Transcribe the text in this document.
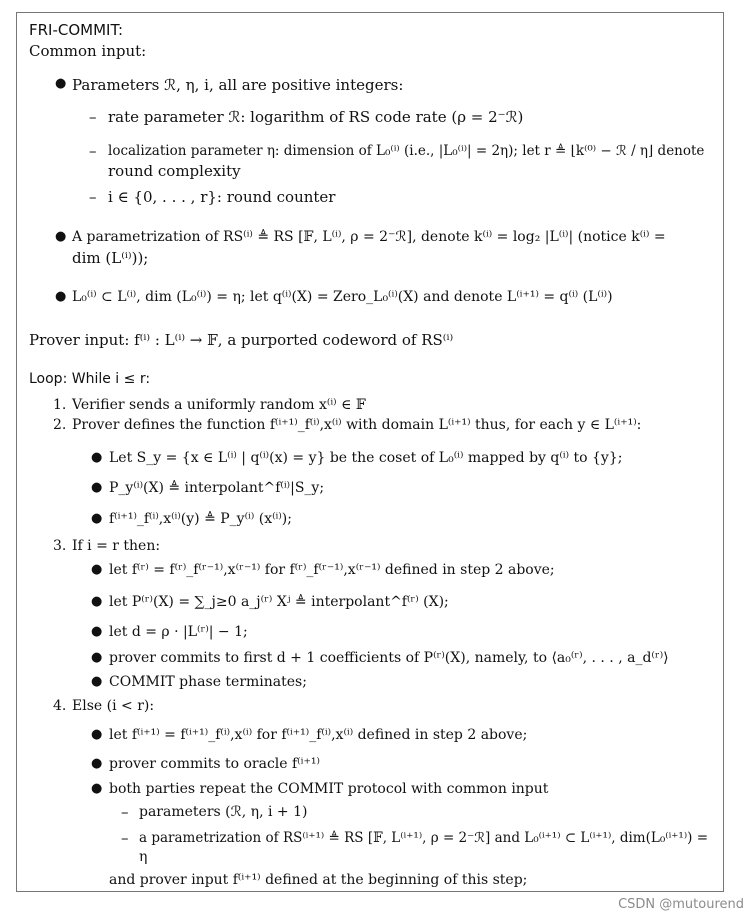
FRI-COMMIT:
Common input:
● Parameters ℛ, η, i, all are positive integers:
– rate parameter ℛ: logarithm of RS code rate (ρ = 2⁻ℛ)
– localization parameter η: dimension of L₀⁽ⁱ⁾ (i.e., |L₀⁽ⁱ⁾| = 2η); let r ≜ ⌊k⁽⁰⁾ − ℛ / η⌋ denote
round complexity
– i ∈ {0, . . . , r}: round counter
● A parametrization of RS⁽ⁱ⁾ ≜ RS [𝔽, L⁽ⁱ⁾, ρ = 2⁻ℛ], denote k⁽ⁱ⁾ = log₂ |L⁽ⁱ⁾| (notice k⁽ⁱ⁾ =
dim (L⁽ⁱ⁾));
● L₀⁽ⁱ⁾ ⊂ L⁽ⁱ⁾, dim (L₀⁽ⁱ⁾) = η; let q⁽ⁱ⁾(X) = Zero_L₀⁽ⁱ⁾(X) and denote L⁽ⁱ⁺¹⁾ = q⁽ⁱ⁾ (L⁽ⁱ⁾)
Prover input: f⁽ⁱ⁾ : L⁽ⁱ⁾ → 𝔽, a purported codeword of RS⁽ⁱ⁾
Loop: While i ≤ r:
1. Verifier sends a uniformly random x⁽ⁱ⁾ ∈ 𝔽
2. Prover defines the function f⁽ⁱ⁺¹⁾_f⁽ⁱ⁾,x⁽ⁱ⁾ with domain L⁽ⁱ⁺¹⁾ thus, for each y ∈ L⁽ⁱ⁺¹⁾:
● Let S_y = {x ∈ L⁽ⁱ⁾ | q⁽ⁱ⁾(x) = y} be the coset of L₀⁽ⁱ⁾ mapped by q⁽ⁱ⁾ to {y};
● P_y⁽ⁱ⁾(X) ≜ interpolant^f⁽ⁱ⁾|S_y;
● f⁽ⁱ⁺¹⁾_f⁽ⁱ⁾,x⁽ⁱ⁾(y) ≜ P_y⁽ⁱ⁾ (x⁽ⁱ⁾);
3. If i = r then:
● let f⁽ʳ⁾ = f⁽ʳ⁾_f⁽ʳ⁻¹⁾,x⁽ʳ⁻¹⁾ for f⁽ʳ⁾_f⁽ʳ⁻¹⁾,x⁽ʳ⁻¹⁾ defined in step 2 above;
● let P⁽ʳ⁾(X) = ∑_j≥0 a_j⁽ʳ⁾ Xʲ ≜ interpolant^f⁽ʳ⁾ (X);
● let d = ρ · |L⁽ʳ⁾| − 1;
● prover commits to first d + 1 coefficients of P⁽ʳ⁾(X), namely, to ⟨a₀⁽ʳ⁾, . . . , a_d⁽ʳ⁾⟩
● COMMIT phase terminates;
4. Else (i < r):
● let f⁽ⁱ⁺¹⁾ = f⁽ⁱ⁺¹⁾_f⁽ⁱ⁾,x⁽ⁱ⁾ for f⁽ⁱ⁺¹⁾_f⁽ⁱ⁾,x⁽ⁱ⁾ defined in step 2 above;
● prover commits to oracle f⁽ⁱ⁺¹⁾
● both parties repeat the COMMIT protocol with common input
– parameters (ℛ, η, i + 1)
– a parametrization of RS⁽ⁱ⁺¹⁾ ≜ RS [𝔽, L⁽ⁱ⁺¹⁾, ρ = 2⁻ℛ] and L₀⁽ⁱ⁺¹⁾ ⊂ L⁽ⁱ⁺¹⁾, dim(L₀⁽ⁱ⁺¹⁾) =
η
and prover input f⁽ⁱ⁺¹⁾ defined at the beginning of this step;
CSDN @mutourend
